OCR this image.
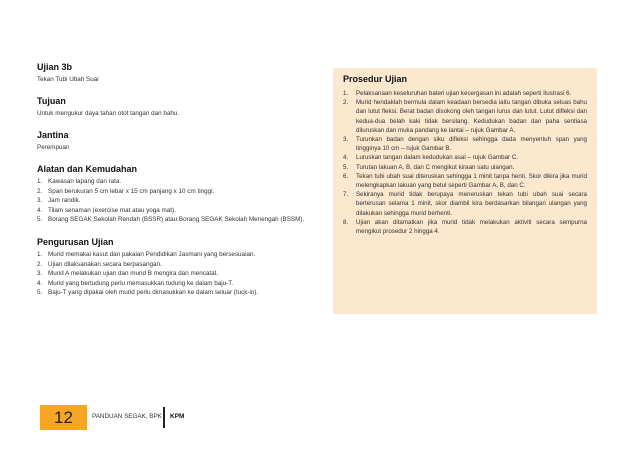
Ujian 3b

Tekan Tubi Ubah Suai

Tujuan

Untuk mengukur daya tahan otot tangan dan bahu.

Jantina

Perempuan

Alatan dan Kemudahan

1. Kawasan lapang dan rata.
2. Span berukuran 5 cm lebar x 15 cm panjang x 10 cm tinggi.
3. Jam randik.
4. Tilam senaman (exercise mat atau yoga mat).
5. Borang SEGAK Sekolah Rendah (BSSR) atau Borang SEGAK Sekolah Menengah (BSSM).

Pengurusan Ujian

1. Murid memakai kasut dan pakaian Pendidikan Jasmani yang bersesuaian.
2. Ujian dilaksanakan secara berpasangan.
3. Murid A melakukan ujian dan murid B mengira dan mencatat.
4. Murid yang bertudung perlu memasukkan tudung ke dalam baju-T.
5. Baju-T yang dipakai oleh murid perlu dimasukkan ke dalam seluar (tuck-in).

Prosedur Ujian

1. Pelaksanaan keseluruhan bateri ujian kecergasan ini adalah seperti Ilustrasi 6.
2. Murid hendaklah bermula dalam keadaan bersedia iaitu tangan dibuka seluas bahu dan lutut fleksi. Berat badan disokong oleh tangan lurus dan lutut. Lutut difleksi dan kedua-dua belah kaki tidak bersilang. Kedudukan badan dan paha sentiasa diluruskan dan muka pandang ke lantai – rujuk Gambar A.
3. Turunkan badan dengan siku difleksi sehingga dada menyentuh span yang tingginya 10 cm – rujuk Gambar B.
4. Luruskan tangan dalam kedudukan asal – rujuk Gambar C.
5. Turutan lakuan A, B, dan C mengikut kiraan satu ulangan.
6. Tekan tubi ubah suai diteruskan sehingga 1 minit tanpa henti. Skor dikira jika murid melengkapkan lakuan yang betul seperti Gambar A, B, dan C.
7. Sekiranya murid tidak berupaya meneruskan tekan tubi ubah suai secara berterusan selama 1 minit, skor diambil kira berdasarkan bilangan ulangan yang dilakukan sehingga murid berhenti.
8. Ujian akan ditamatkan jika murid tidak melakukan aktiviti secara sempurna mengikut prosedur 2 hingga 4.
12	PANDUAN SEGAK, BPK KPM
